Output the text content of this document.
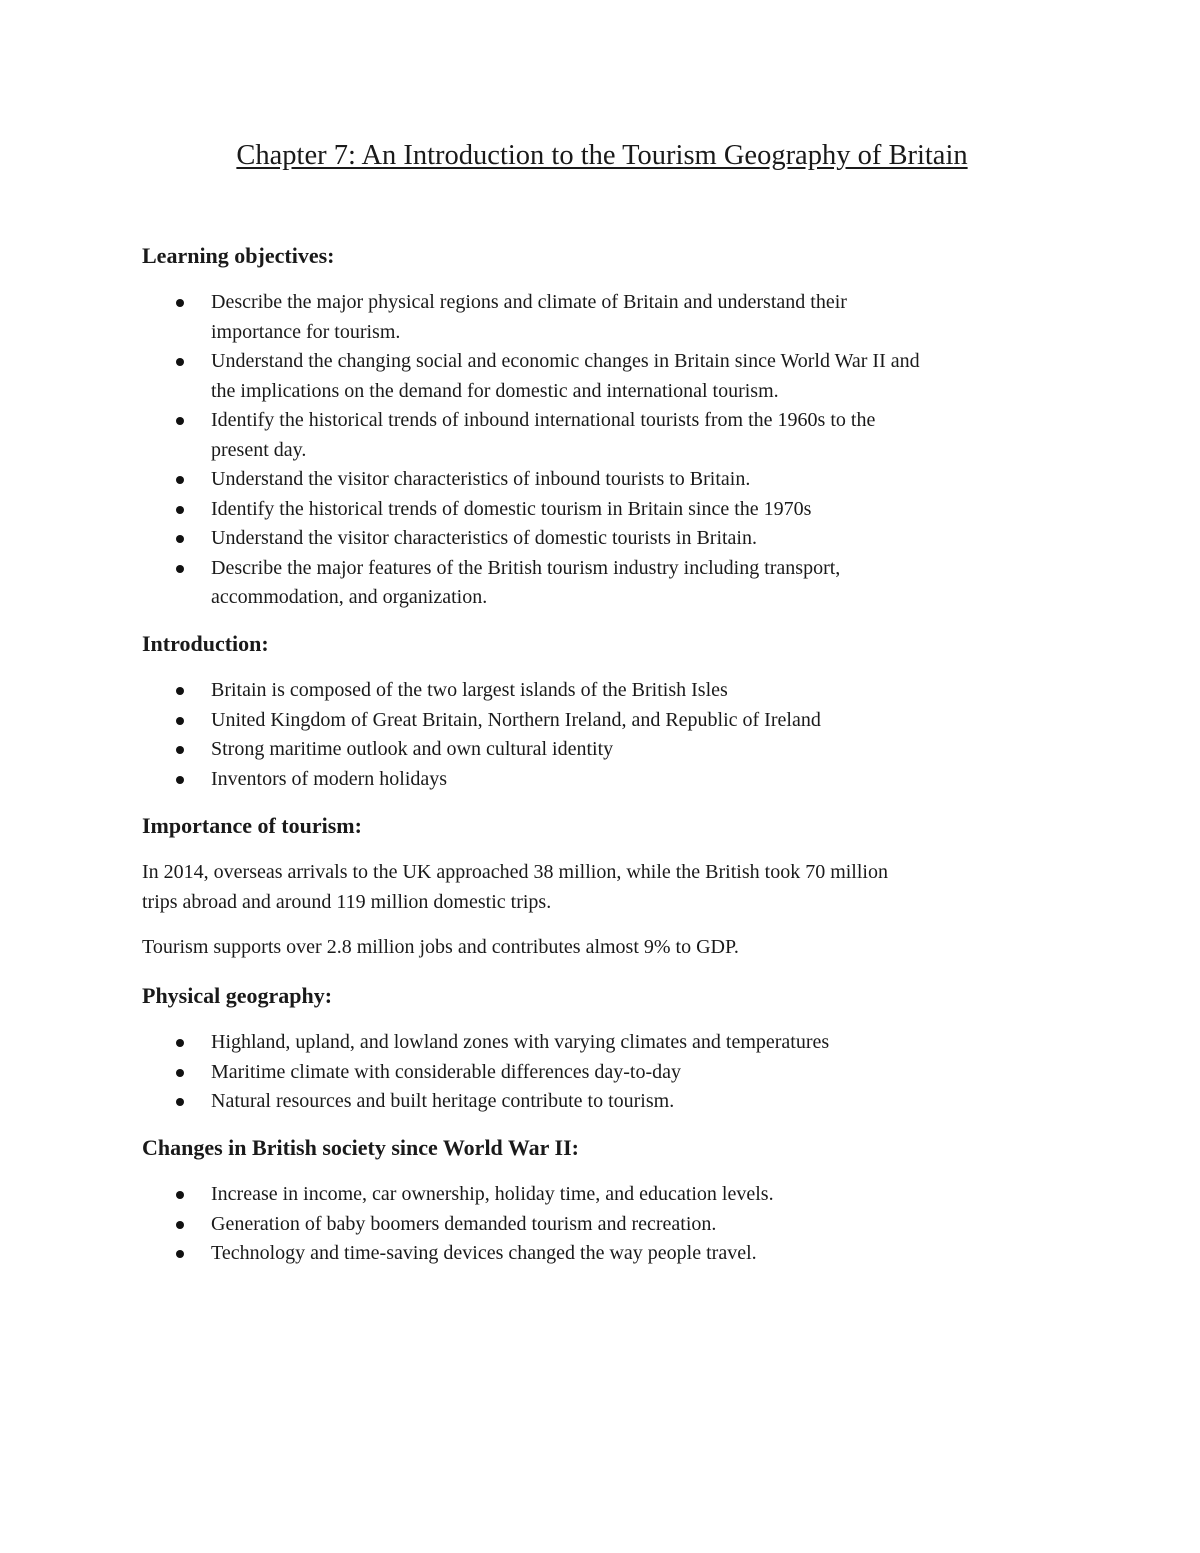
Chapter 7: An Introduction to the Tourism Geography of Britain
Learning objectives:
Describe the major physical regions and climate of Britain and understand their
importance for tourism.
Understand the changing social and economic changes in Britain since World War II and
the implications on the demand for domestic and international tourism.
Identify the historical trends of inbound international tourists from the 1960s to the
present day.
Understand the visitor characteristics of inbound tourists to Britain.
Identify the historical trends of domestic tourism in Britain since the 1970s
Understand the visitor characteristics of domestic tourists in Britain.
Describe the major features of the British tourism industry including transport,
accommodation, and organization.
Introduction:
Britain is composed of the two largest islands of the British Isles
United Kingdom of Great Britain, Northern Ireland, and Republic of Ireland
Strong maritime outlook and own cultural identity
Inventors of modern holidays
Importance of tourism:

In 2014, overseas arrivals to the UK approached 38 million, while the British took 70 million
trips abroad and around 119 million domestic trips.

Tourism supports over 2.8 million jobs and contributes almost 9% to GDP.

Physical geography:
Highland, upland, and lowland zones with varying climates and temperatures
Maritime climate with considerable differences day-to-day
Natural resources and built heritage contribute to tourism.
Changes in British society since World War II:
Increase in income, car ownership, holiday time, and education levels.
Generation of baby boomers demanded tourism and recreation.
Technology and time-saving devices changed the way people travel.
